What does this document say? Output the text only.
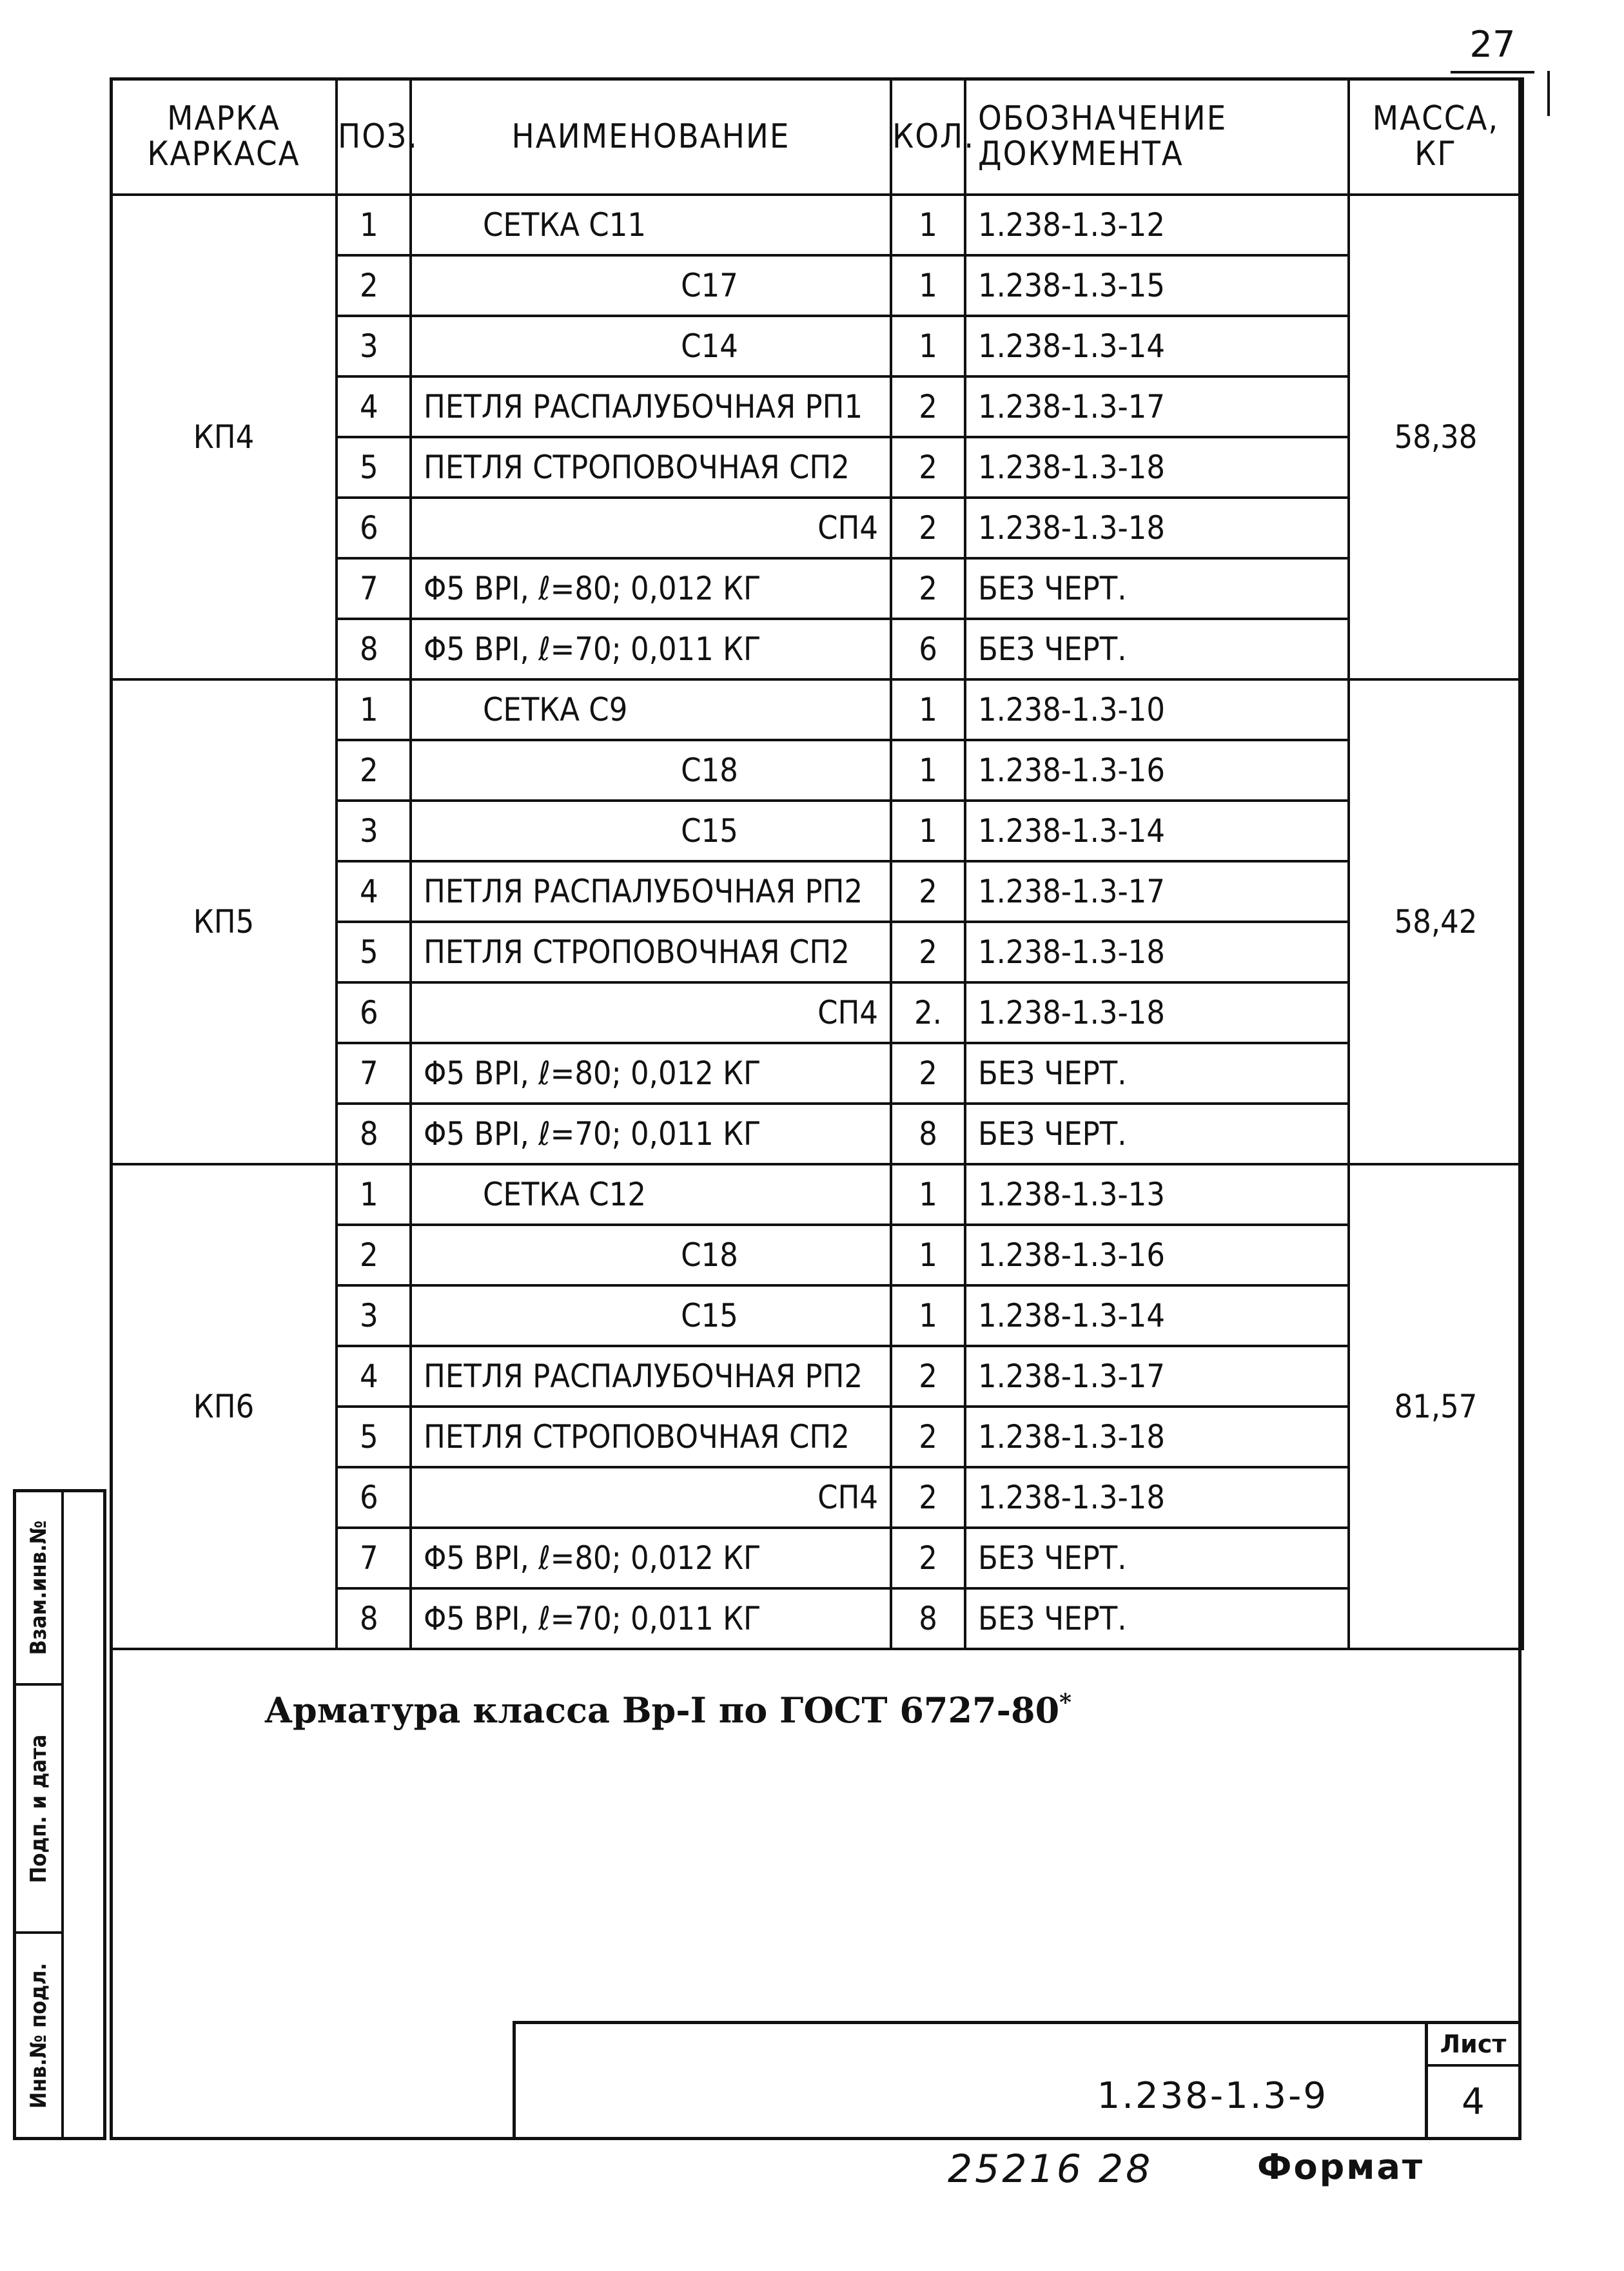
27
МАРКА КАРКАСА	ПОЗ.	НАИМЕНОВАНИЕ	КОЛ.	ОБОЗНАЧЕНИЕ ДОКУМЕНТА	МАССА, КГ
КП4	1	СЕТКА С11	1	1.238-1.3-12	58,38
	2	С17	1	1.238-1.3-15	
	3	С14	1	1.238-1.3-14	
	4	ПЕТЛЯ РАСПАЛУБОЧНАЯ РП1	2	1.238-1.3-17	
	5	ПЕТЛЯ СТРОПОВОЧНАЯ СП2	2	1.238-1.3-18	
	6	СП4	2	1.238-1.3-18	
	7	Φ5 ВРI, ℓ=80; 0,012 КГ	2	БЕЗ ЧЕРТ.	
	8	Φ5 ВРI, ℓ=70; 0,011 КГ	6	БЕЗ ЧЕРТ.	
КП5	1	СЕТКА С9	1	1.238-1.3-10	58,42
	2	С18	1	1.238-1.3-16	
	3	С15	1	1.238-1.3-14	
	4	ПЕТЛЯ РАСПАЛУБОЧНАЯ РП2	2	1.238-1.3-17	
	5	ПЕТЛЯ СТРОПОВОЧНАЯ СП2	2	1.238-1.3-18	
	6	СП4	2.	1.238-1.3-18	
	7	Φ5 ВРI, ℓ=80; 0,012 КГ	2	БЕЗ ЧЕРТ.	
	8	Φ5 ВРI, ℓ=70; 0,011 КГ	8	БЕЗ ЧЕРТ.	
КП6	1	СЕТКА С12	1	1.238-1.3-13	81,57
	2	С18	1	1.238-1.3-16	
	3	С15	1	1.238-1.3-14	
	4	ПЕТЛЯ РАСПАЛУБОЧНАЯ РП2	2	1.238-1.3-17	
	5	ПЕТЛЯ СТРОПОВОЧНАЯ СП2	2	1.238-1.3-18	
	6	СП4	2	1.238-1.3-18	
	7	Φ5 ВРI, ℓ=80; 0,012 КГ	2	БЕЗ ЧЕРТ.	
	8	Φ5 ВРI, ℓ=70; 0,011 КГ	8	БЕЗ ЧЕРТ.	
Арматура класса Вр-I по ГОСТ 6727-80*
Взам.инв.№
Подп. и дата
Инв.№ подл.	1.238-1.3-9
Лист
4
25216 28	Формат
